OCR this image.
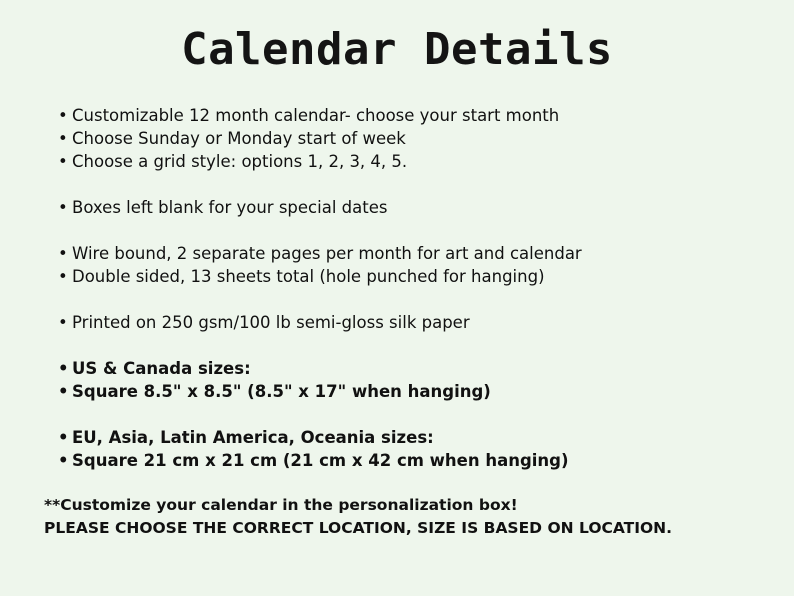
Calendar Details
• Customizable 12 month calendar- choose your start month
• Choose Sunday or Monday start of week
• Choose a grid style: options 1, 2, 3, 4, 5.
• Boxes left blank for your special dates
• Wire bound, 2 separate pages per month for art and calendar
• Double sided, 13 sheets total (hole punched for hanging)
• Printed on 250 gsm/100 lb semi-gloss silk paper
• US & Canada sizes:
• Square 8.5" x 8.5" (8.5" x 17" when hanging)
• EU, Asia, Latin America, Oceania sizes:
• Square 21 cm x 21 cm (21 cm x 42 cm when hanging)
**Customize your calendar in the personalization box!
PLEASE CHOOSE THE CORRECT LOCATION, SIZE IS BASED ON LOCATION.
